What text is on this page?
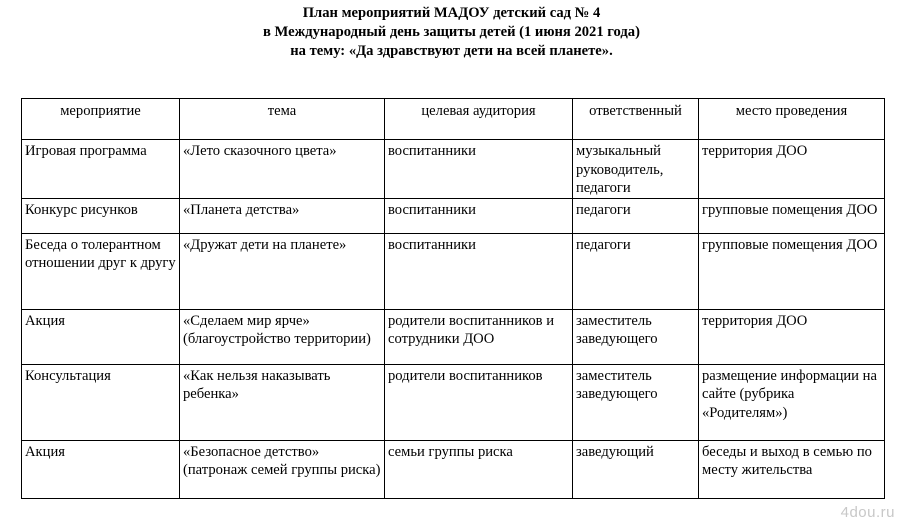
План мероприятий МАДОУ детский сад № 4
в Международный день защиты детей (1 июня 2021 года)
на тему: «Да здравствуют дети на всей планете».
мероприятие	тема	целевая аудитория	ответственный	место проведения
Игровая программа	«Лето сказочного цвета»	воспитанники	музыкальный руководитель, педагоги	территория ДОО
Конкурс рисунков	«Планета детства»	воспитанники	педагоги	групповые помещения ДОО
Беседа о толерантном отношении друг к другу	«Дружат дети на планете»	воспитанники	педагоги	групповые помещения ДОО
Акция	«Сделаем мир ярче» (благоустройство территории)	родители воспитанников и сотрудники ДОО	заместитель заведующего	территория ДОО
Консультация	«Как нельзя наказывать ребенка»	родители воспитанников	заместитель заведующего	размещение информации на сайте (рубрика «Родителям»)
Акция	«Безопасное детство» (патронаж семей группы риска)	семьи группы риска	заведующий	беседы и выход в семью по месту жительства
4dou.ru
